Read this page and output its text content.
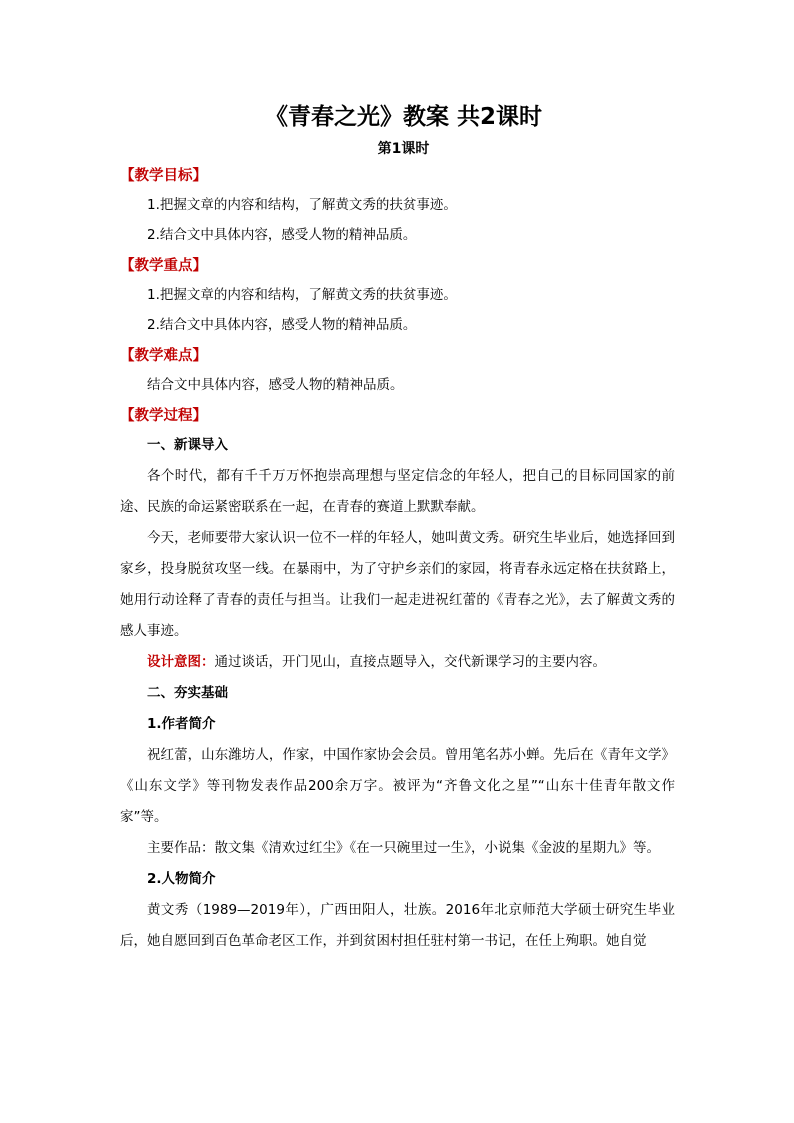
《青春之光》教案 共2课时
第1课时
【教学目标】
1.把握文章的内容和结构，了解黄文秀的扶贫事迹。
2.结合文中具体内容，感受人物的精神品质。
【教学重点】
1.把握文章的内容和结构，了解黄文秀的扶贫事迹。
2.结合文中具体内容，感受人物的精神品质。
【教学难点】
结合文中具体内容，感受人物的精神品质。
【教学过程】

一、新课导入

各个时代，都有千千万万怀抱崇高理想与坚定信念的年轻人，把自己的目标同国家的前途、民族的命运紧密联系在一起，在青春的赛道上默默奉献。

今天，老师要带大家认识一位不一样的年轻人，她叫黄文秀。研究生毕业后，她选择回到家乡，投身脱贫攻坚一线。在暴雨中，为了守护乡亲们的家园，将青春永远定格在扶贫路上，她用行动诠释了青春的责任与担当。让我们一起走进祝红蕾的《青春之光》，去了解黄文秀的感人事迹。

设计意图：通过谈话，开门见山，直接点题导入，交代新课学习的主要内容。

二、夯实基础

1.作者简介

祝红蕾，山东潍坊人，作家，中国作家协会会员。曾用笔名苏小蝉。先后在《青年文学》《山东文学》等刊物发表作品200余万字。被评为“齐鲁文化之星”“山东十佳青年散文作家”等。

主要作品：散文集《清欢过红尘》《在一只碗里过一生》，小说集《金波的星期九》等。

2.人物简介

黄文秀（1989—2019年），广西田阳人，壮族。2016年北京师范大学硕士研究生毕业后，她自愿回到百色革命老区工作，并到贫困村担任驻村第一书记，在任上殉职。她自觉
